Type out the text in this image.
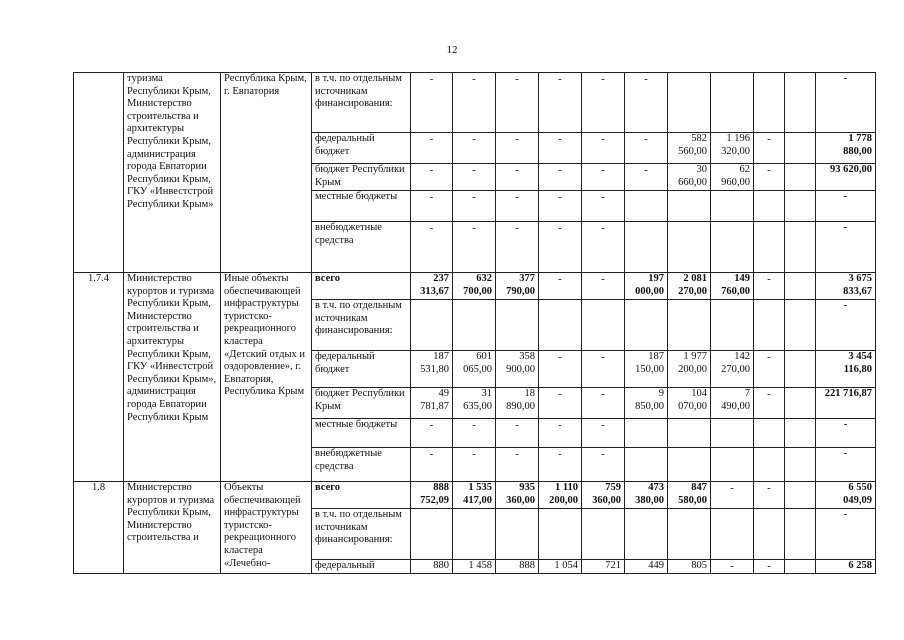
12
	туризма Республики Крым, Министерство строительства и архитектуры Республики Крым, администрация города Евпатории Республики Крым, ГКУ «Инвестстрой Республики Крым»	Республика Крым, г. Евпатория	в т.ч. по отдельным источникам финансирования:	-	-	-	-	-	-					-
			федеральный бюджет	-	-	-	-	-	-	582 560,00	1 196 320,00	-		1 778 880,00
			бюджет Республики Крым	-	-	-	-	-	-	30 660,00	62 960,00	-		93 620,00
			местные бюджеты	-	-	-	-	-						-
			внебюджетные средства	-	-	-	-	-						-
1.7.4	Министерство курортов и туризма Республики Крым, Министерство строительства и архитектуры Республики Крым, ГКУ «Инвестстрой Республики Крым», администрация города Евпатории Республики Крым	Иные объекты обеспечивающей инфраструктуры туристско-рекреационного кластера «Детский отдых и оздоровление», г. Евпатория, Республика Крым	всего	237 313,67	632 700,00	377 790,00	-	-	197 000,00	2 081 270,00	149 760,00	-		3 675 833,67
			в т.ч. по отдельным источникам финансирования:											-
			федеральный бюджет	187 531,80	601 065,00	358 900,00	-	-	187 150,00	1 977 200,00	142 270,00	-		3 454 116,80
			бюджет Республики Крым	49 781,87	31 635,00	18 890,00	-	-	9 850,00	104 070,00	7 490,00	-		221 716,87
			местные бюджеты	-	-	-	-	-						-
			внебюджетные средства	-	-	-	-	-						-
1.8	Министерство курортов и туризма Республики Крым, Министерство строительства и	Объекты обеспечивающей инфраструктуры туристско-рекреационного кластера «Лечебно-	всего	888 752,09	1 535 417,00	935 360,00	1 110 200,00	759 360,00	473 380,00	847 580,00	-	-		6 550 049,09
			в т.ч. по отдельным источникам финансирования:											-
			федеральный	880	1 458	888	1 054	721	449	805	-	-		6 258
